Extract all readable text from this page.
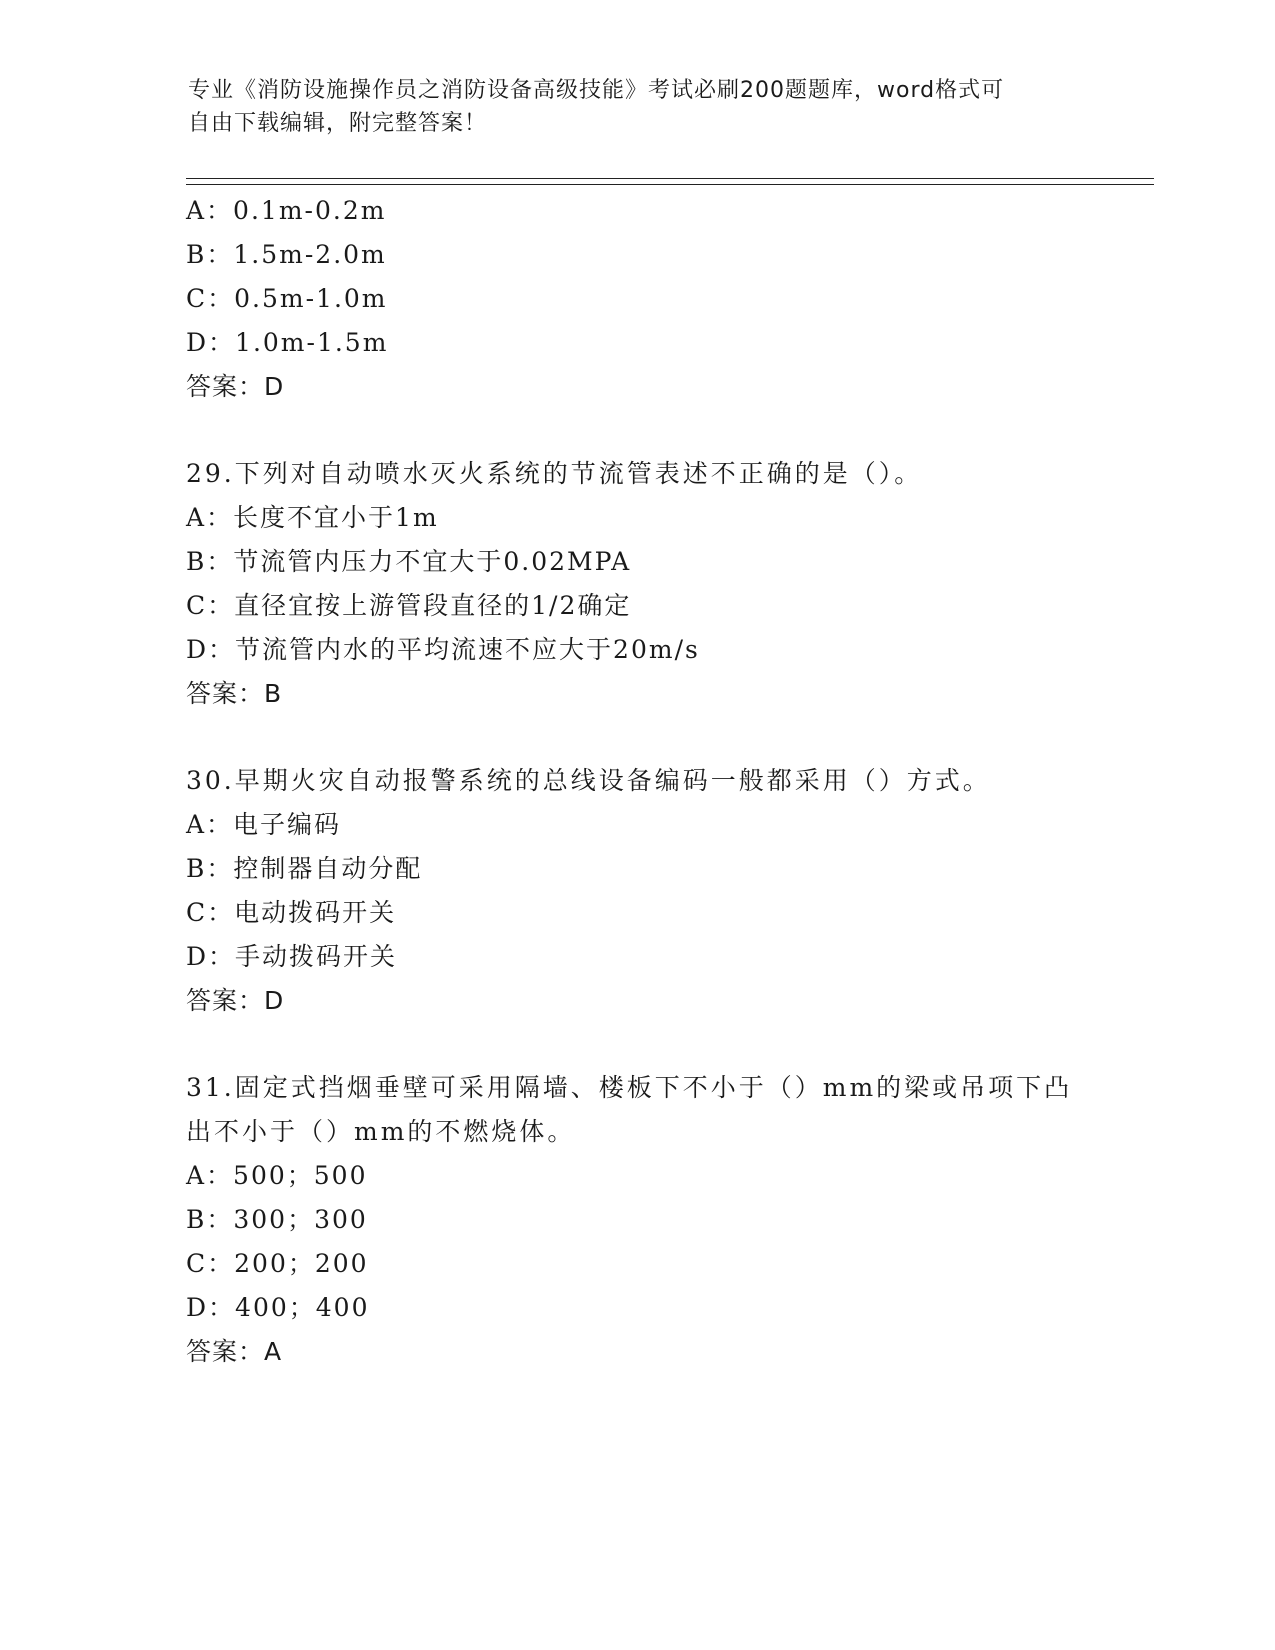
专业《消防设施操作员之消防设备高级技能》考试必刷200题题库，word格式可
自由下载编辑，附完整答案！
A：0.1m-0.2m
B：1.5m-2.0m
C：0.5m-1.0m
D：1.0m-1.5m
答案：D
29.下列对自动喷水灭火系统的节流管表述不正确的是（）。
A：长度不宜小于1m
B：节流管内压力不宜大于0.02MPA
C：直径宜按上游管段直径的1/2确定
D：节流管内水的平均流速不应大于20m/s
答案：B
30.早期火灾自动报警系统的总线设备编码一般都采用（）方式。
A：电子编码
B：控制器自动分配
C：电动拨码开关
D：手动拨码开关
答案：D
31.固定式挡烟垂壁可采用隔墙、楼板下不小于（）mm的梁或吊项下凸
出不小于（）mm的不燃烧体。
A：500；500
B：300；300
C：200；200
D：400；400
答案：A
